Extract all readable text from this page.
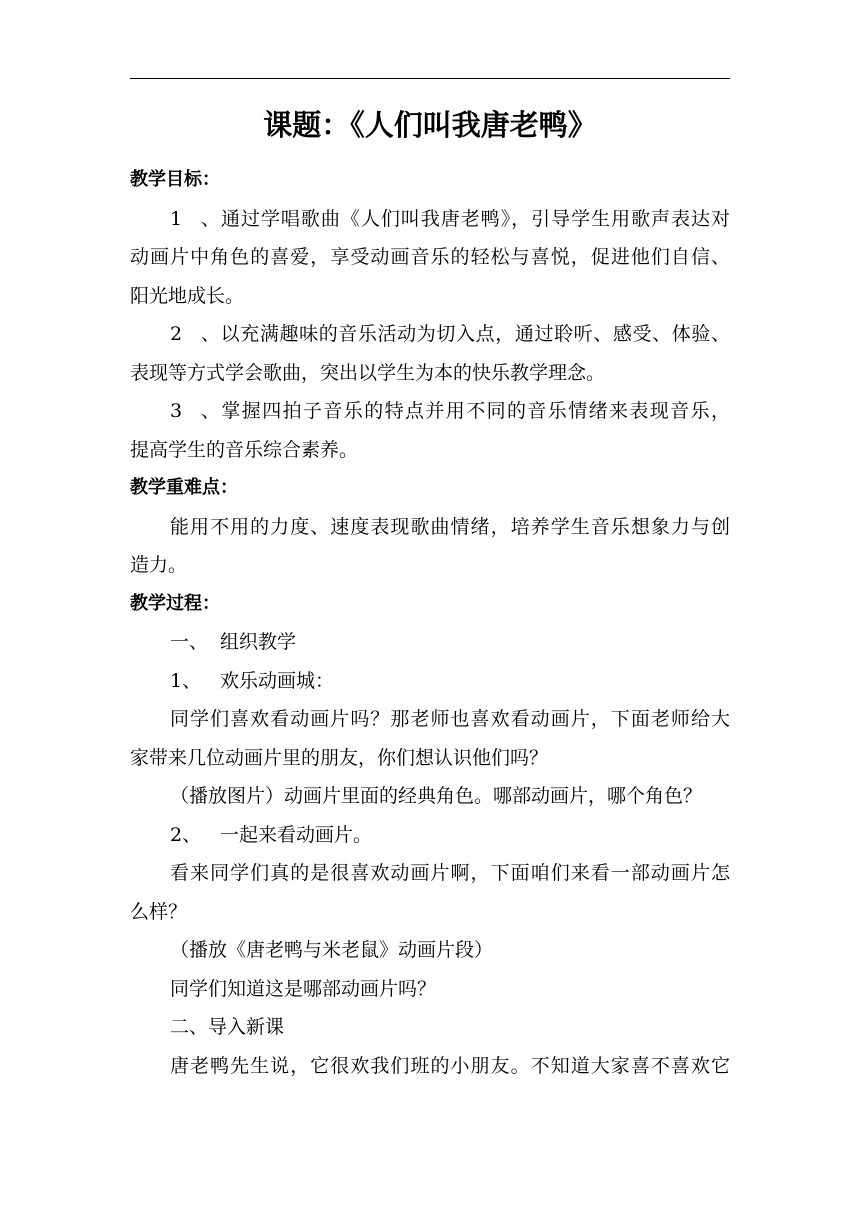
课题：《人们叫我唐老鸭》
教学目标：
1、通过学唱歌曲《人们叫我唐老鸭》，引导学生用歌声表达对
动画片中角色的喜爱，享受动画音乐的轻松与喜悦，促进他们自信、
阳光地成长。
2、以充满趣味的音乐活动为切入点，通过聆听、感受、体验、
表现等方式学会歌曲，突出以学生为本的快乐教学理念。
3、掌握四拍子音乐的特点并用不同的音乐情绪来表现音乐，
提高学生的音乐综合素养。
教学重难点：
能用不用的力度、速度表现歌曲情绪，培养学生音乐想象力与创
造力。
教学过程：
一、 组织教学
1、 欢乐动画城：
同学们喜欢看动画片吗？那老师也喜欢看动画片，下面老师给大
家带来几位动画片里的朋友，你们想认识他们吗？
（播放图片）动画片里面的经典角色。哪部动画片，哪个角色？
2、 一起来看动画片。
看来同学们真的是很喜欢动画片啊，下面咱们来看一部动画片怎
么样？
（播放《唐老鸭与米老鼠》动画片段）
同学们知道这是哪部动画片吗？
二、导入新课
唐老鸭先生说，它很欢我们班的小朋友。不知道大家喜不喜欢它
